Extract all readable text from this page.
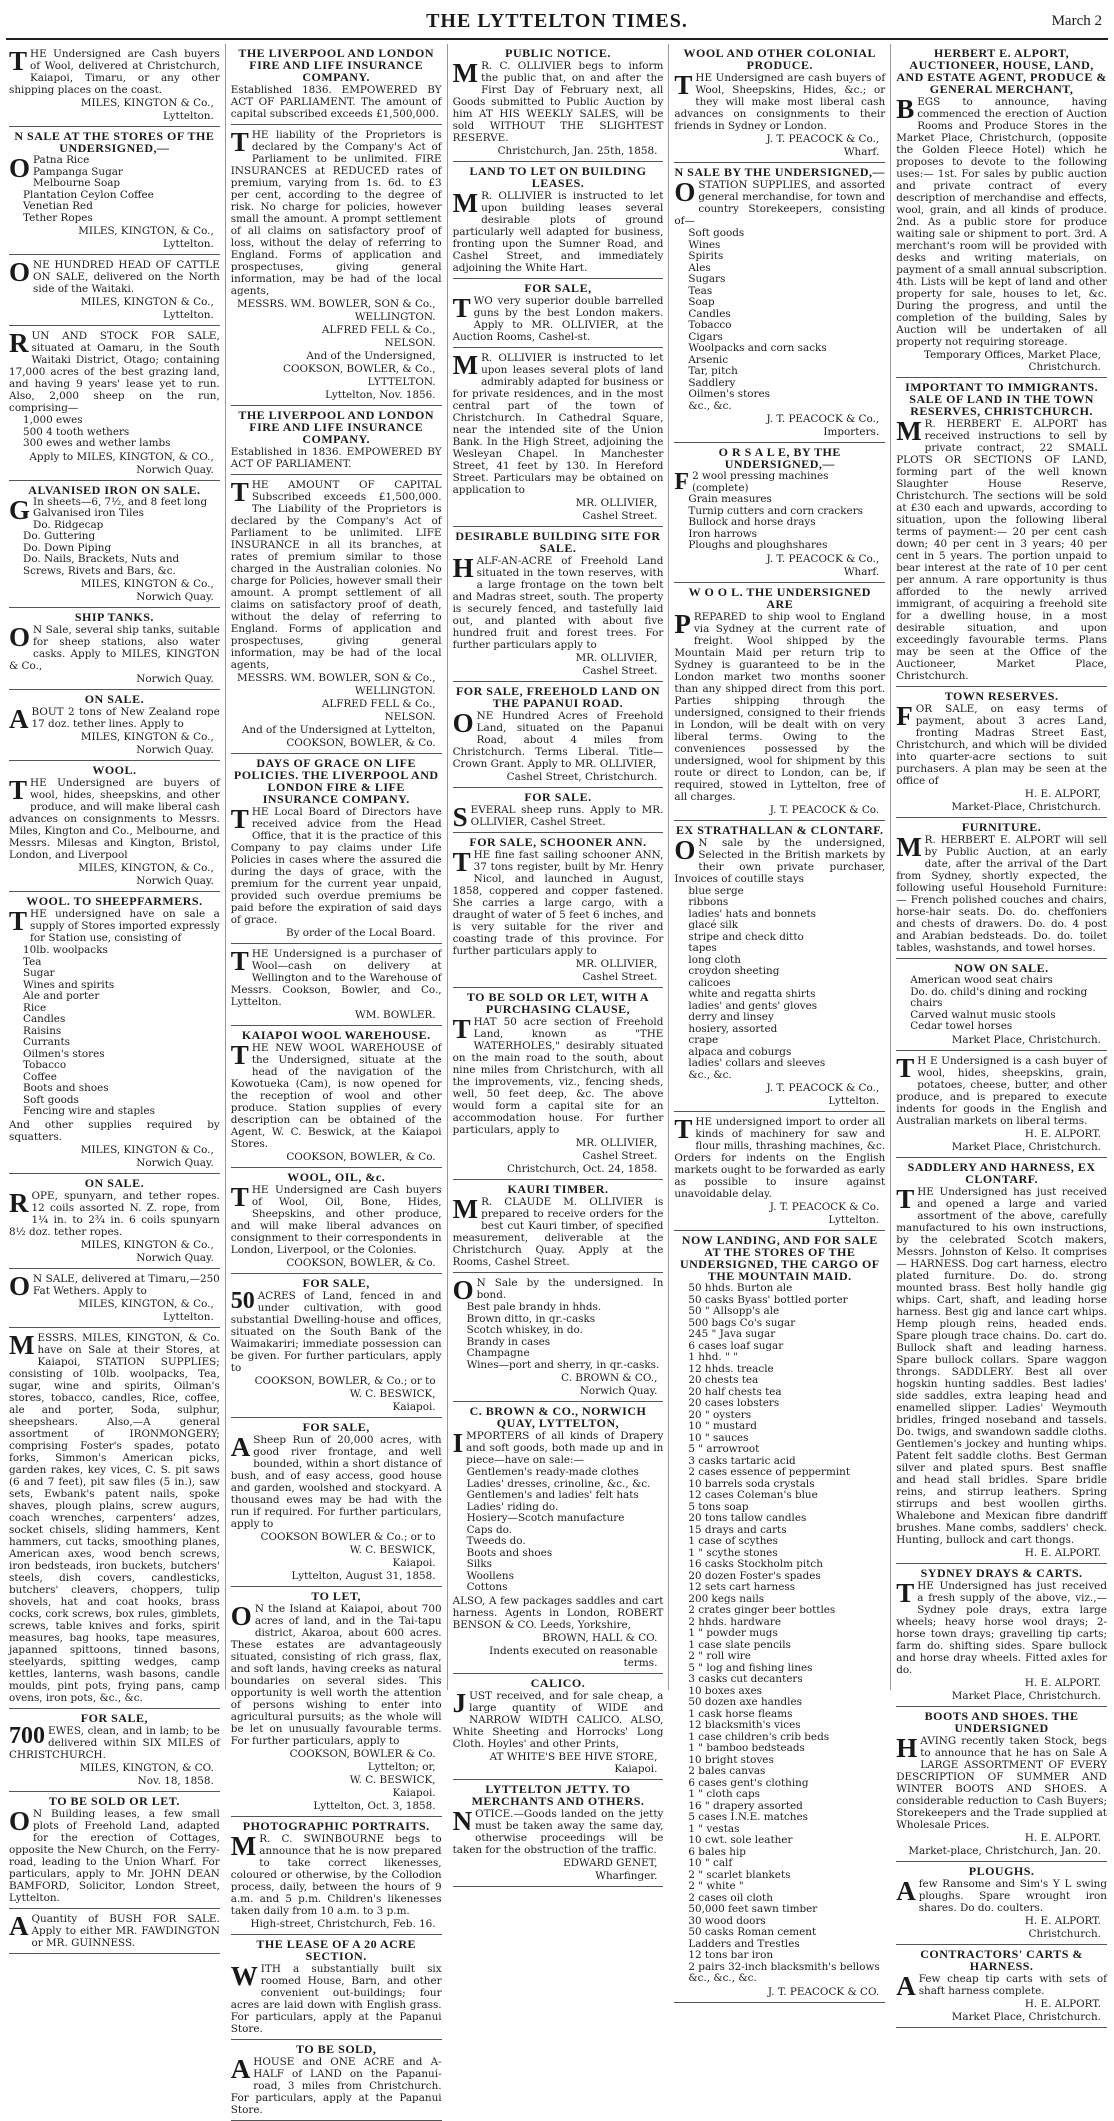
THE LYTTELTON TIMES.	March 2
THE Undersigned are Cash buyers of Wool, delivered at Christchurch, Kaiapoi, Timaru, or any other shipping places on the coast.
MILES, KINGTON & Co.,
Lyttelton.
N SALE AT THE STORES OF THE UNDERSIGNED,—
O Patna Rice
Pampanga Sugar
Melbourne Soap
Plantation Ceylon Coffee
Venetian Red
Tether Ropes
MILES, KINGTON, & Co.,
Lyttelton.
ONE HUNDRED HEAD OF CATTLE ON SALE, delivered on the North side of the Waitaki.
MILES, KINGTON & Co.,
Lyttelton.
RUN AND STOCK FOR SALE, situated at Oamaru, in the South Waitaki District, Otago; containing 17,000 acres of the best grazing land, and having 9 years' lease yet to run. Also, 2,000 sheep on the run, comprising—
1,000 ewes
500 4 tooth wethers
300 ewes and wether lambs
Apply to MILES, KINGTON, & CO.,
Norwich Quay.
ALVANISED IRON ON SALE.
G In sheets—6, 7½, and 8 feet long
Galvanised iron Tiles
Do. Ridgecap
Do. Guttering
Do. Down Piping
Do. Nails, Brackets, Nuts and Screws, Rivets and Bars, &c.
MILES, KINGTON & Co.,
Norwich Quay.
SHIP TANKS.
O N Sale, several ship tanks, suitable for sheep stations, also water casks. Apply to MILES, KINGTON & Co.,
Norwich Quay.
ON SALE.
ABOUT 2 tons of New Zealand rope 17 doz. tether lines. Apply to
MILES, KINGTON & Co.,
Norwich Quay.
WOOL.
THE Undersigned are buyers of wool, hides, sheepskins, and other produce, and will make liberal cash advances on consignments to Messrs. Miles, Kington and Co., Melbourne, and Messrs. Milesas and Kington, Bristol, London, and Liverpool
MILES, KINGTON, & Co.,
Norwich Quay.
WOOL. TO SHEEPFARMERS.
THE undersigned have on sale a supply of Stores imported expressly for Station use, consisting of
10lb. woolpacks
Tea
Sugar
Wines and spirits
Ale and porter
Rice
Candles
Raisins
Currants
Oilmen's stores
Tobacco
Coffee
Boots and shoes
Soft goods
Fencing wire and staples
And other supplies required by squatters.
MILES, KINGTON & Co.,
Norwich Quay.
ON SALE.
ROPE, spunyarn, and tether ropes. 12 coils assorted N. Z. rope, from 1¼ in. to 2¾ in. 6 coils spunyarn 8½ doz. tether ropes.
MILES, KINGTON & Co.,
Norwich Quay.
O N SALE, delivered at Timaru,—250 Fat Wethers. Apply to
MILES, KINGTON, & Co.,
Lyttelton.
MESSRS. MILES, KINGTON, & Co. have on Sale at their Stores, at Kaiapoi, STATION SUPPLIES; consisting of 10lb. woolpacks, Tea, sugar, wine and spirits, Oilman's stores, tobacco, candles, Rice, coffee, ale and porter, Soda, sulphur, sheepshears. Also,—A general assortment of IRONMONGERY; comprising Foster's spades, potato forks, Simmon's American picks, garden rakes, key vices, C. S. pit saws (6 and 7 feet), pit saw files (5 in.), saw sets, Ewbank's patent nails, spoke shaves, plough plains, screw augurs, coach wrenches, carpenters' adzes, socket chisels, sliding hammers, Kent hammers, cut tacks, smoothing planes, American axes, wood bench screws, iron bedsteads, iron buckets, butchers' steels, dish covers, candlesticks, butchers' cleavers, choppers, tulip shovels, hat and coat hooks, brass cocks, cork screws, box rules, gimblets, screws, table knives and forks, spirit measures, bag hooks, tape measures, japanned spittoons, tinned basons, steelyards, spitting wedges, camp kettles, lanterns, wash basons, candle moulds, pint pots, frying pans, camp ovens, iron pots, &c., &c.
FOR SALE,
700 EWES, clean, and in lamb; to be delivered within SIX MILES of CHRISTCHURCH.
MILES, KINGTON, & CO.
Nov. 18, 1858.
TO BE SOLD OR LET.
O N Building leases, a few small plots of Freehold Land, adapted for the erection of Cottages, opposite the New Church, on the Ferry-road, leading to the Union Wharf. For particulars, apply to Mr. JOHN DEAN BAMFORD, Solicitor, London Street, Lyttelton.
A Quantity of BUSH FOR SALE. Apply to either MR. FAWDINGTON or MR. GUINNESS.
THE LIVERPOOL AND LONDON FIRE AND LIFE INSURANCE COMPANY.
Established 1836. EMPOWERED BY ACT OF PARLIAMENT. The amount of capital subscribed exceeds £1,500,000.
THE liability of the Proprietors is declared by the Company's Act of Parliament to be unlimited. FIRE INSURANCES at REDUCED rates of premium, varying from 1s. 6d. to £3 per cent, according to the degree of risk. No charge for policies, however small the amount. A prompt settlement of all claims on satisfactory proof of loss, without the delay of referring to England. Forms of application and prospectuses, giving general information, may be had of the local agents,
MESSRS. WM. BOWLER, SON & Co.,
WELLINGTON.
ALFRED FELL & Co.,
NELSON.
And of the Undersigned,
COOKSON, BOWLER, & Co.,
LYTTELTON.
Lyttelton, Nov. 1856.
THE LIVERPOOL AND LONDON FIRE AND LIFE INSURANCE COMPANY.
Established in 1836. EMPOWERED BY ACT OF PARLIAMENT.
THE AMOUNT OF CAPITAL Subscribed exceeds £1,500,000. The Liability of the Proprietors is declared by the Company's Act of Parliament to be unlimited. LIFE INSURANCE in all its branches, at rates of premium similar to those charged in the Australian colonies. No charge for Policies, however small their amount. A prompt settlement of all claims on satisfactory proof of death, without the delay of referring to England. Forms of application and prospectuses, giving general information, may be had of the local agents,
MESSRS. WM. BOWLER, SON & Co.,
WELLINGTON.
ALFRED FELL & Co.,
NELSON.
And of the Undersigned at Lyttelton,
COOKSON, BOWLER, & Co.
DAYS OF GRACE ON LIFE POLICIES. THE LIVERPOOL AND LONDON FIRE & LIFE INSURANCE COMPANY.
THE Local Board of Directors have received advice from the Head Office, that it is the practice of this Company to pay claims under Life Policies in cases where the assured die during the days of grace, with the premium for the current year unpaid, provided such overdue premiums be paid before the expiration of said days of grace.
By order of the Local Board.
THE Undersigned is a purchaser of Wool—cash on delivery at Wellington and to the Warehouse of Messrs. Cookson, Bowler, and Co., Lyttelton.
WM. BOWLER.
KAIAPOI WOOL WAREHOUSE.
THE NEW WOOL WAREHOUSE of the Undersigned, situate at the head of the navigation of the Kowotueka (Cam), is now opened for the reception of wool and other produce. Station supplies of every description can be obtained of the Agent, W. C. Beswick, at the Kaiapoi Stores.
COOKSON, BOWLER, & Co.
WOOL, OIL, &c.
THE Undersigned are Cash buyers of Wool, Oil, Bone, Hides, Sheepskins, and other produce, and will make liberal advances on consignment to their correspondents in London, Liverpool, or the Colonies.
COOKSON, BOWLER, & Co.
FOR SALE,
50 ACRES of Land, fenced in and under cultivation, with good substantial Dwelling-house and offices, situated on the South Bank of the Waimakariri; immediate possession can be given. For further particulars, apply to
COOKSON, BOWLER, & Co.; or to
W. C. BESWICK,
Kaiapoi.
FOR SALE,
A Sheep Run of 20,000 acres, with good river frontage, and well bounded, within a short distance of bush, and of easy access, good house and garden, woolshed and stockyard. A thousand ewes may be had with the run if required. For further particulars, apply to
COOKSON BOWLER & Co.; or to
W. C. BESWICK,
Kaiapoi.
Lyttelton, August 31, 1858.
TO LET,
O N the Island at Kaiapoi, about 700 acres of land, and in the Tai-tapu district, Akaroa, about 600 acres. These estates are advantageously situated, consisting of rich grass, flax, and soft lands, having creeks as natural boundaries on several sides. This opportunity is well worth the attention of persons wishing to enter into agricultural pursuits; as the whole will be let on unusually favourable terms. For further particulars, apply to
COOKSON, BOWLER & Co.
Lyttelton; or,
W. C. BESWICK,
Kaiapoi.
Lyttelton, Oct. 3, 1858.
PHOTOGRAPHIC PORTRAITS.
M R. C. SWINBOURNE begs to announce that he is now prepared to take correct likenesses, coloured or otherwise, by the Collodion process, daily, between the hours of 9 a.m. and 5 p.m. Children's likenesses taken daily from 10 a.m. to 3 p.m.
High-street, Christchurch, Feb. 16.
THE LEASE OF A 20 ACRE SECTION.
WITH a substantially built six roomed House, Barn, and other convenient out-buildings; four acres are laid down with English grass. For particulars, apply at the Papanui Store.
TO BE SOLD,
AHOUSE and ONE ACRE and A-HALF of LAND on the Papanui-road, 3 miles from Christchurch. For particulars, apply at the Papanui Store.
PUBLIC NOTICE.
M R. C. OLLIVIER begs to inform the public that, on and after the First Day of February next, all Goods submitted to Public Auction by him AT HIS WEEKLY SALES, will be sold WITHOUT THE SLIGHTEST RESERVE.
Christchurch, Jan. 25th, 1858.
LAND TO LET ON BUILDING LEASES.
M R. OLLIVIER is instructed to let upon building leases several desirable plots of ground particularly well adapted for business, fronting upon the Sumner Road, and Cashel Street, and immediately adjoining the White Hart.
FOR SALE,
TWO very superior double barrelled guns by the best London makers. Apply to MR. OLLIVIER, at the Auction Rooms, Cashel-st.
M R. OLLIVIER is instructed to let upon leases several plots of land admirably adapted for business or for private residences, and in the most central part of the town of Christchurch. In Cathedral Square, near the intended site of the Union Bank. In the High Street, adjoining the Wesleyan Chapel. In Manchester Street, 41 feet by 130. In Hereford Street. Particulars may be obtained on application to
MR. OLLIVIER,
Cashel Street.
DESIRABLE BUILDING SITE FOR SALE.
HALF-AN-ACRE of Freehold Land situated in the town reserves, with a large frontage on the town belt and Madras street, south. The property is securely fenced, and tastefully laid out, and planted with about five hundred fruit and forest trees. For further particulars apply to
MR. OLLIVIER,
Cashel Street.
FOR SALE, FREEHOLD LAND ON THE PAPANUI ROAD.
ONE Hundred Acres of Freehold Land, situated on the Papanui Road, about 4 miles from Christchurch. Terms Liberal. Title—Crown Grant. Apply to MR. OLLIVIER,
Cashel Street, Christchurch.
FOR SALE.
SEVERAL sheep runs. Apply to MR. OLLIVIER, Cashel Street.
FOR SALE, SCHOONER ANN.
THE fine fast sailing schooner ANN, 37 tons register, built by Mr. Henry Nicol, and launched in August, 1858, coppered and copper fastened. She carries a large cargo, with a draught of water of 5 feet 6 inches, and is very suitable for the river and coasting trade of this province. For further particulars apply to
MR. OLLIVIER,
Cashel Street.
TO BE SOLD OR LET, WITH A PURCHASING CLAUSE,
THAT 50 acre section of Freehold Land, known as "THE WATERHOLES," desirably situated on the main road to the south, about nine miles from Christchurch, with all the improvements, viz., fencing sheds, well, 50 feet deep, &c. The above would form a capital site for an accommodation house. For further particulars, apply to
MR. OLLIVIER,
Cashel Street.
Christchurch, Oct. 24, 1858.
KAURI TIMBER.
M R. CLAUDE M. OLLIVIER is prepared to receive orders for the best cut Kauri timber, of specified measurement, deliverable at the Christchurch Quay. Apply at the Rooms, Cashel Street.
O N Sale by the undersigned. In bond.
Best pale brandy in hhds.
Brown ditto, in qr.-casks
Scotch whiskey, in do.
Brandy in cases
Champagne
Wines—port and sherry, in qr.-casks.
C. BROWN & CO.,
Norwich Quay.
C. BROWN & CO., NORWICH QUAY, LYTTELTON,
IMPORTERS of all kinds of Drapery and soft goods, both made up and in piece—have on sale:—
Gentlemen's ready-made clothes
Ladies' dresses, crinoline, &c., &c.
Gentlemen's and ladies' felt hats
Ladies' riding do.
Hosiery—Scotch manufacture
Caps do.
Tweeds do.
Boots and shoes
Silks
Woollens
Cottons
ALSO, A few packages saddles and cart harness. Agents in London, ROBERT BENSON & CO. Leeds, Yorkshire,
BROWN, HALL & CO.
Indents executed on reasonable terms.
CALICO.
JUST received, and for sale cheap, a large quantity of WIDE and NARROW WIDTH CALICO. ALSO, White Sheeting and Horrocks' Long Cloth. Hoyles' and other Prints,
AT WHITE'S BEE HIVE STORE, Kaiapoi.
LYTTELTON JETTY. TO MERCHANTS AND OTHERS.
NOTICE.—Goods landed on the jetty must be taken away the same day, otherwise proceedings will be taken for the obstruction of the traffic.
EDWARD GENET,
Wharfinger.
WOOL AND OTHER COLONIAL PRODUCE.
THE Undersigned are cash buyers of Wool, Sheepskins, Hides, &c.; or they will make most liberal cash advances on consignments to their friends in Sydney or London.
J. T. PEACOCK & Co.,
Wharf.
N SALE BY THE UNDERSIGNED,—
OSTATION SUPPLIES, and assorted general merchandise, for town and country Storekeepers, consisting of—
Soft goods
Wines
Spirits
Ales
Sugars
Teas
Soap
Candles
Tobacco
Cigars
Woolpacks and corn sacks
Arsenic
Tar, pitch
Saddlery
Oilmen's stores
&c., &c.
J. T. PEACOCK & Co.,
Importers.
O R S A L E, BY THE UNDERSIGNED,—
F 2 wool pressing machines (complete)
Grain measures
Turnip cutters and corn crackers
Bullock and horse drays
Iron harrows
Ploughs and ploughshares
J. T. PEACOCK & Co.,
Wharf.
W O O L. THE UNDERSIGNED ARE
PREPARED to ship wool to England via Sydney at the current rate of freight. Wool shipped by the Mountain Maid per return trip to Sydney is guaranteed to be in the London market two months sooner than any shipped direct from this port. Parties shipping through the undersigned, consigned to their friends in London, will be dealt with on very liberal terms. Owing to the conveniences possessed by the undersigned, wool for shipment by this route or direct to London, can be, if required, stowed in Lyttelton, free of all charges.
J. T. PEACOCK & Co.
EX STRATHALLAN & CLONTARF.
O N sale by the undersigned, Selected in the British markets by their own private purchaser, Invoices of coutille stays
blue serge
ribbons
ladies' hats and bonnets
glacé silk
stripe and check ditto
tapes
long cloth
croydon sheeting
calicoes
white and regatta shirts
ladies' and gents' gloves
derry and linsey
hosiery, assorted
crape
alpaca and coburgs
ladies' collars and sleeves
&c., &c.
J. T. PEACOCK & Co.,
Lyttelton.
THE undersigned import to order all kinds of machinery for saw and flour mills, thrashing machines, &c. Orders for indents on the English markets ought to be forwarded as early as possible to insure against unavoidable delay.
J. T. PEACOCK & Co.
Lyttelton.
NOW LANDING, AND FOR SALE AT THE STORES OF THE UNDERSIGNED, THE CARGO OF THE MOUNTAIN MAID.
50 hhds. Burton ale
50 casks Byass' bottled porter
50 " Allsopp's ale
500 bags Co's sugar
245 " Java sugar
6 cases loaf sugar
1 hhd. " "
12 hhds. treacle
20 chests tea
20 half chests tea
20 cases lobsters
20 " oysters
10 " mustard
10 " sauces
5 " arrowroot
3 casks tartaric acid
2 cases essence of peppermint
10 barrels soda crystals
12 cases Coleman's blue
5 tons soap
20 tons tallow candles
15 drays and carts
1 case of scythes
1 " scythe stones
16 casks Stockholm pitch
20 dozen Foster's spades
12 sets cart harness
200 kegs nails
2 crates ginger beer bottles
2 hhds. hardware
1 " powder mugs
1 case slate pencils
2 " roll wire
5 " log and fishing lines
3 casks cut decanters
10 boxes axes
50 dozen axe handles
1 cask horse fleams
12 blacksmith's vices
1 case children's crib beds
1 " bamboo bedsteads
10 bright stoves
2 bales canvas
6 cases gent's clothing
1 " cloth caps
16 " drapery assorted
5 cases I.N.E. matches
1 " vestas
10 cwt. sole leather
6 bales hip
10 " calf
2 " scarlet blankets
2 " white "
2 cases oil cloth
50,000 feet sawn timber
30 wood doors
50 casks Roman cement
Ladders and Trestles
12 tons bar iron
2 pairs 32-inch blacksmith's bellows
&c., &c., &c.
J. T. PEACOCK & CO.
HERBERT E. ALPORT, AUCTIONEER, HOUSE, LAND, AND ESTATE AGENT, PRODUCE & GENERAL MERCHANT,
BEGS to announce, having commenced the erection of Auction Rooms and Produce Stores in the Market Place, Christchurch, (opposite the Golden Fleece Hotel) which he proposes to devote to the following uses:— 1st. For sales by public auction and private contract of every description of merchandise and effects, wool, grain, and all kinds of produce. 2nd. As a public store for produce waiting sale or shipment to port. 3rd. A merchant's room will be provided with desks and writing materials, on payment of a small annual subscription. 4th. Lists will be kept of land and other property for sale, houses to let, &c. During the progress, and until the completion of the building, Sales by Auction will be undertaken of all property not requiring storeage.
Temporary Offices, Market Place, Christchurch.
IMPORTANT TO IMMIGRANTS. SALE OF LAND IN THE TOWN RESERVES, CHRISTCHURCH.
M R. HERBERT E. ALPORT has received instructions to sell by private contract, 22 SMALL PLOTS OR SECTIONS OF LAND, forming part of the well known Slaughter House Reserve, Christchurch. The sections will be sold at £30 each and upwards, according to situation, upon the following liberal terms of payment:— 20 per cent cash down; 40 per cent in 3 years; 40 per cent in 5 years. The portion unpaid to bear interest at the rate of 10 per cent per annum. A rare opportunity is thus afforded to the newly arrived immigrant, of acquiring a freehold site for a dwelling house, in a most desirable situation, and upon exceedingly favourable terms. Plans may be seen at the Office of the Auctioneer, Market Place, Christchurch.
TOWN RESERVES.
FOR SALE, on easy terms of payment, about 3 acres Land, fronting Madras Street East, Christchurch, and which will be divided into quarter-acre sections to suit purchasers. A plan may be seen at the office of
H. E. ALPORT,
Market-Place, Christchurch.
FURNITURE.
M R. HERBERT E. ALPORT will sell by Public Auction, at an early date, after the arrival of the Dart from Sydney, shortly expected, the following useful Household Furniture:— French polished couches and chairs, horse-hair seats. Do. do. cheffoniers and chests of drawers. Do. do. 4 post and Arabian bedsteads. Do. do. toilet tables, washstands, and towel horses.
NOW ON SALE.
American wood seat chairs
Do. do. child's dining and rocking chairs
Carved walnut music stools
Cedar towel horses
Market Place, Christchurch.
T H E Undersigned is a cash buyer of wool, hides, sheepskins, grain, potatoes, cheese, butter, and other produce, and is prepared to execute indents for goods in the English and Australian markets on liberal terms.
H. E. ALPORT.
Market Place, Christchurch.
SADDLERY AND HARNESS, EX CLONTARF.
THE Undersigned has just received and opened a large and varied assortment of the above, carefully manufactured to his own instructions, by the celebrated Scotch makers, Messrs. Johnston of Kelso. It comprises— HARNESS. Dog cart harness, electro plated furniture. Do. do. strong mounted brass. Best holly handle gig whips. Cart, shaft, and leading horse harness. Best gig and lance cart whips. Hemp plough reins, headed ends. Spare plough trace chains. Do. cart do. Bullock shaft and leading harness. Spare bullock collars. Spare waggon throngs. SADDLERY. Best all over hogskin hunting saddles. Best ladies' side saddles, extra leaping head and enamelled slipper. Ladies' Weymouth bridles, fringed noseband and tassels. Do. twigs, and swandown saddle cloths. Gentlemen's jockey and hunting whips. Patent felt saddle cloths. Best German silver and plated spurs. Best snaffle and head stall bridles. Spare bridle reins, and stirrup leathers. Spring stirrups and best woollen girths. Whalebone and Mexican fibre dandriff brushes. Mane combs, saddlers' check. Hunting, bullock and cart thongs.
H. E. ALPORT.
SYDNEY DRAYS & CARTS.
THE Undersigned has just received a fresh supply of the above, viz.,— Sydney pole drays, extra large wheels; heavy horse wool drays; 2-horse town drays; gravelling tip carts; farm do. shifting sides. Spare bullock and horse dray wheels. Fitted axles for do.
H. E. ALPORT.
Market Place, Christchurch.
BOOTS AND SHOES. THE UNDERSIGNED
HAVING recently taken Stock, begs to announce that he has on Sale A LARGE ASSORTMENT OF EVERY DESCRIPTION OF SUMMER AND WINTER BOOTS AND SHOES. A considerable reduction to Cash Buyers; Storekeepers and the Trade supplied at Wholesale Prices.
H. E. ALPORT.
Market-place, Christchurch, Jan. 20.
PLOUGHS.
Afew Ransome and Sim's Y L swing ploughs. Spare wrought iron shares. Do do. coulters.
H. E. ALPORT.
Christchurch.
CONTRACTORS' CARTS & HARNESS.
A Few cheap tip carts with sets of shaft harness complete.
H. E. ALPORT.
Market Place, Christchurch.
